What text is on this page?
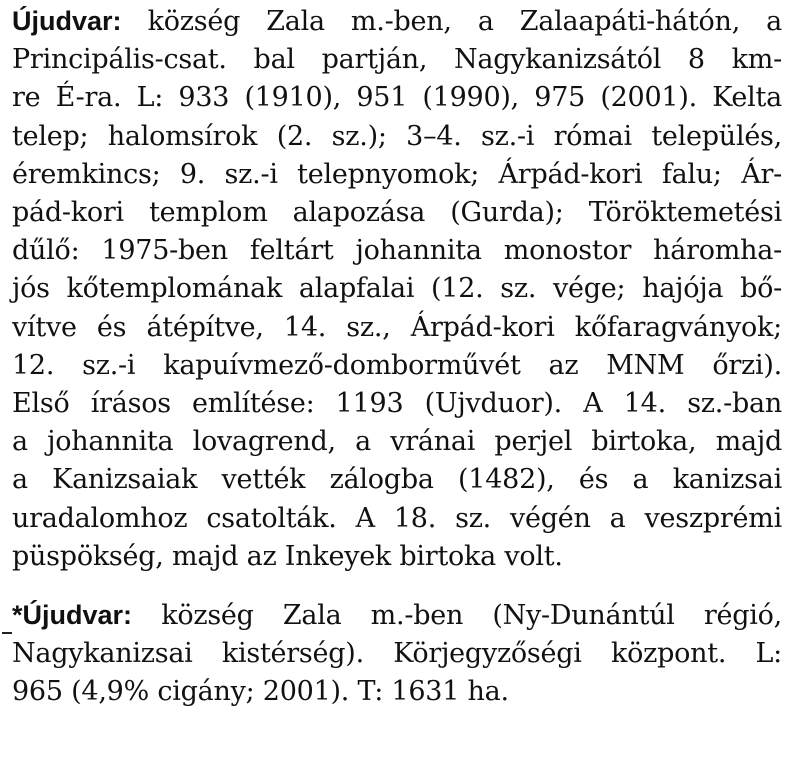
Újudvar: község Zala m.-ben, a Zalaapáti-hátón, a
Principális-csat. bal partján, Nagykanizsától 8 km-
re É-ra. L: 933 (1910), 951 (1990), 975 (2001). Kelta
telep; halomsírok (2. sz.); 3–4. sz.-i római település,
éremkincs; 9. sz.-i telepnyomok; Árpád-kori falu; Ár-
pád-kori templom alapozása (Gurda); Töröktemetési
dűlő: 1975-ben feltárt johannita monostor háromha-
jós kőtemplomának alapfalai (12. sz. vége; hajója bő-
vítve és átépítve, 14. sz., Árpád-kori kőfaragványok;
12. sz.-i kapuívmező-domborművét az MNM őrzi).
Első írásos említése: 1193 (Ujvduor). A 14. sz.-ban
a johannita lovagrend, a vránai perjel birtoka, majd
a Kanizsaiak vették zálogba (1482), és a kanizsai
uradalomhoz csatolták. A 18. sz. végén a veszprémi
püspökség, majd az Inkeyek birtoka volt.

*Újudvar: község Zala m.-ben (Ny-Dunántúl régió,
Nagykanizsai kistérség). Körjegyzőségi központ. L:
965 (4,9% cigány; 2001). T: 1631 ha.
